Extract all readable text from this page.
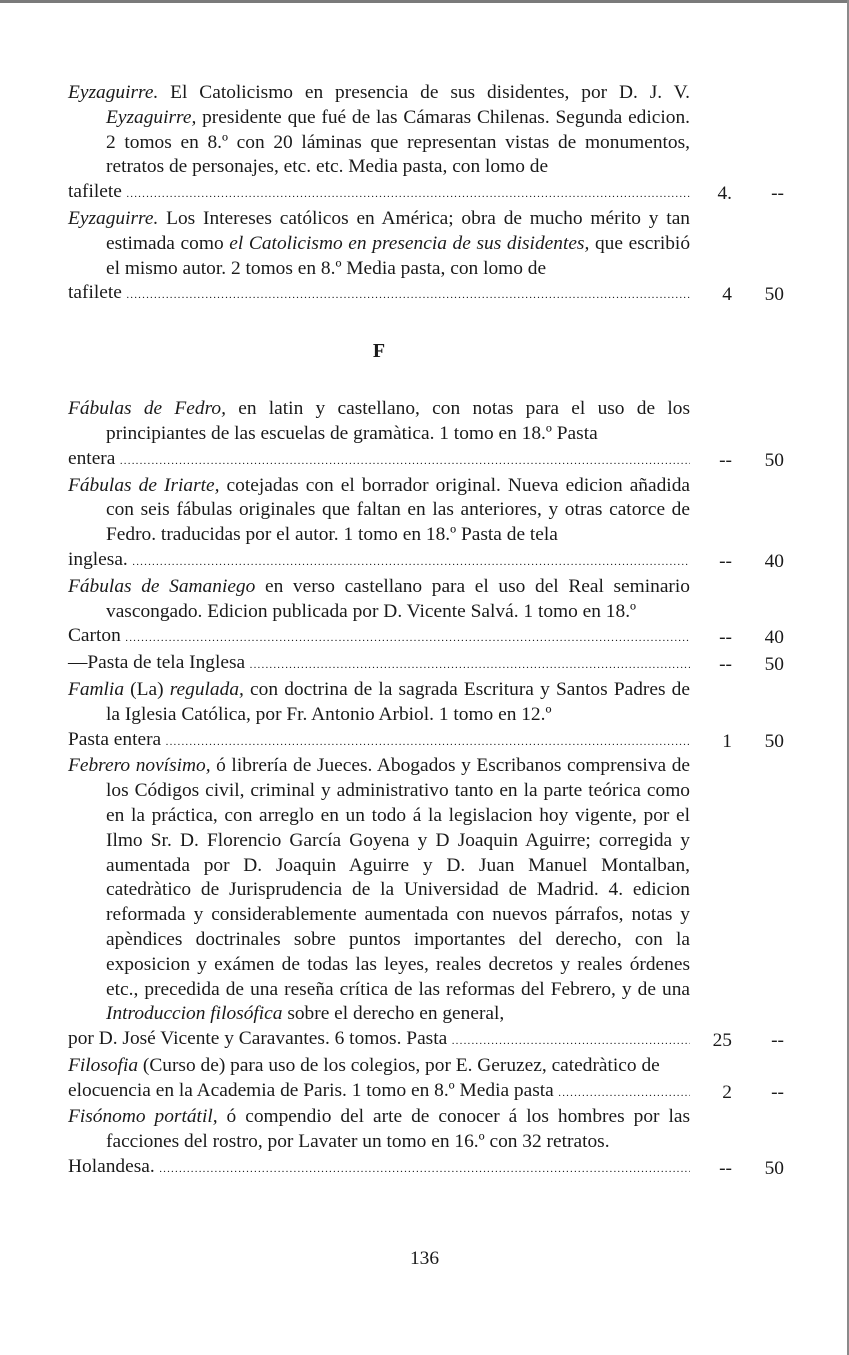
Eyzaguirre. El Catolicismo en presencia de sus disidentes, por D. J. V. Eyzaguirre, presidente que fué de las Cámaras Chilenas. Segunda edicion. 2 tomos en 8.º con 20 láminas que representan vistas de monumentos, retratos de personajes, etc. etc. Media pasta, con lomo de
tafilete .....	4. --
Eyzaguirre. Los Intereses católicos en América; obra de mucho mérito y tan estimada como el Catolicismo en presencia de sus disidentes, que escribió el mismo autor. 2 tomos en 8.º Media pasta, con lomo de
tafilete .....	4 50
F
Fábulas de Fedro, en latin y castellano, con notas para el uso de los principiantes de las escuelas de gramàtica. 1 tomo en 18.º Pasta
entera .....	-- 50
Fábulas de Iriarte, cotejadas con el borrador original. Nueva edicion añadida con seis fábulas originales que faltan en las anteriores, y otras catorce de Fedro. traducidas por el autor. 1 tomo en 18.º Pasta de tela
inglesa. .....	-- 40
Fábulas de Samaniego en verso castellano para el uso del Real seminario vascongado. Edicion publicada por D. Vicente Salvá. 1 tomo en 18.º
Carton .....	-- 40
—Pasta de tela Inglesa .....	-- 50
Famlia (La) regulada, con doctrina de la sagrada Escritura y Santos Padres de la Iglesia Católica, por Fr. Antonio Arbiol. 1 tomo en 12.º
Pasta entera .....	1 50
Febrero novísimo, ó librería de Jueces. Abogados y Escribanos comprensiva de los Códigos civil, criminal y administrativo tanto en la parte teórica como en la práctica, con arreglo en un todo á la legislacion hoy vigente, por el Ilmo Sr. D. Florencio García Goyena y D Joaquin Aguirre; corregida y aumentada por D. Joaquin Aguirre y D. Juan Manuel Montalban, catedràtico de Jurisprudencia de la Universidad de Madrid. 4. edicion reformada y considerablemente aumentada con nuevos párrafos, notas y apèndices doctrinales sobre puntos importantes del derecho, con la exposicion y exámen de todas las leyes, reales decretos y reales órdenes etc., precedida de una reseña crítica de las reformas del Febrero, y de una Introduccion filosófica sobre el derecho en general,
por D. José Vicente y Caravantes. 6 tomos. Pasta .....	25 --
Filosofia (Curso de) para uso de los colegios, por E. Geruzez, catedràtico de
elocuencia en la Academia de Paris. 1 tomo en 8.º Media pasta .....	2 --
Fisónomo portátil, ó compendio del arte de conocer á los hombres por las facciones del rostro, por Lavater un tomo en 16.º con 32 retratos.
Holandesa. .....	-- 50
136
